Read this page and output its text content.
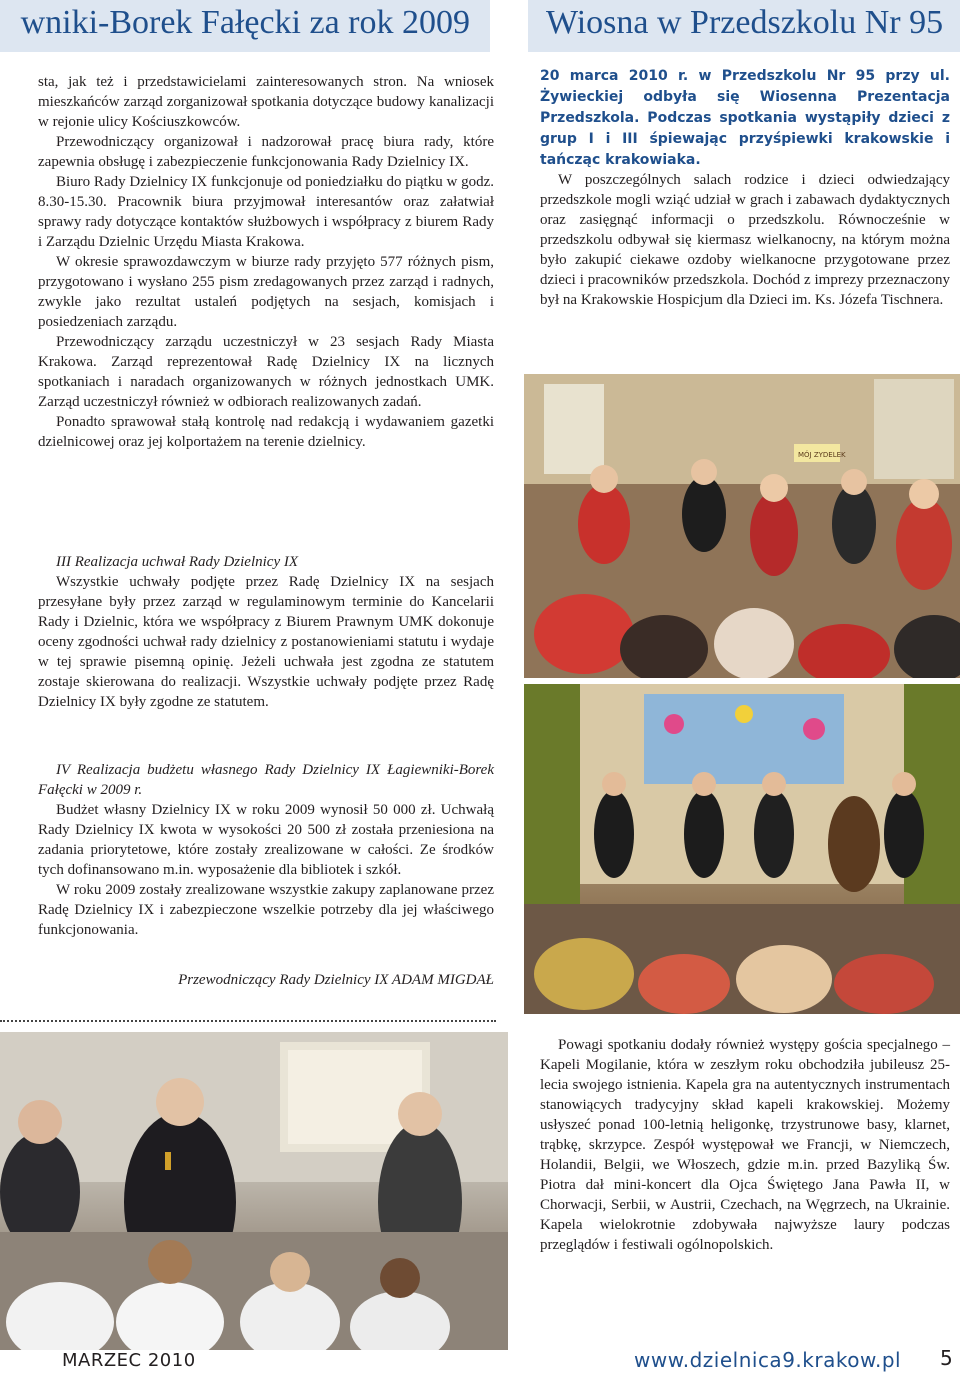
wniki-Borek Fałęcki za rok 2009 Wiosna w Przedszkolu Nr 95

sta, jak też i przedstawicielami zainteresowanych stron. Na wniosek mieszkańców zarząd zorganizował spotkania dotyczące budowy kanalizacji w rejonie ulicy Kościuszkowców.

Przewodniczący organizował i nadzorował pracę biura rady, które zapewnia obsługę i zabezpieczenie funkcjonowania Rady Dzielnicy IX.

Biuro Rady Dzielnicy IX funkcjonuje od poniedziałku do piątku w godz. 8.30-15.30. Pracownik biura przyjmował interesantów oraz załatwiał sprawy rady dotyczące kontaktów służbowych i współpracy z biurem Rady i Zarządu Dzielnic Urzędu Miasta Krakowa.

W okresie sprawozdawczym w biurze rady przyjęto 577 różnych pism, przygotowano i wysłano 255 pism zredagowanych przez zarząd i radnych, zwykle jako rezultat ustaleń podjętych na sesjach, komisjach i posiedzeniach zarządu.

Przewodniczący zarządu uczestniczył w 23 sesjach Rady Miasta Krakowa. Zarząd reprezentował Radę Dzielnicy IX na licznych spotkaniach i naradach organizowanych w różnych jednostkach UMK. Zarząd uczestniczył również w odbiorach realizowanych zadań.

Ponadto sprawował stałą kontrolę nad redakcją i wydawaniem gazetki dzielnicowej oraz jej kolportażem na terenie dzielnicy.

III Realizacja uchwał Rady Dzielnicy IX

Wszystkie uchwały podjęte przez Radę Dzielnicy IX na sesjach przesyłane były przez zarząd w regulaminowym terminie do Kancelarii Rady i Dzielnic, która we współpracy z Biurem Prawnym UMK dokonuje oceny zgodności uchwał rady dzielnicy z postanowieniami statutu i wydaje w tej sprawie pisemną opinię. Jeżeli uchwała jest zgodna ze statutem zostaje skierowana do realizacji. Wszystkie uchwały podjęte przez Radę Dzielnicy IX były zgodne ze statutem.

IV Realizacja budżetu własnego Rady Dzielnicy IX Łagiewniki-Borek Fałęcki w 2009 r.

Budżet własny Dzielnicy IX w roku 2009 wynosił 50 000 zł. Uchwałą Rady Dzielnicy IX kwota w wysokości 20 500 zł została przeniesiona na zadania priorytetowe, które zostały zrealizowane w całości. Ze środków tych dofinansowano m.in. wyposażenie dla bibliotek i szkół.

W roku 2009 zostały zrealizowane wszystkie zakupy zaplanowane przez Radę Dzielnicy IX i zabezpieczone wszelkie potrzeby dla jej właściwego funkcjonowania.

Przewodniczący Rady Dzielnicy IX ADAM MIGDAŁ
20 marca 2010 r. w Przedszkolu Nr 95 przy ul. Żywieckiej odbyła się Wiosenna Prezentacja Przedszkola. Podczas spotkania wystąpiły dzieci z grup I i III śpiewając przyśpiewki krakowskie i tańcząc krakowiaka.

W poszczególnych salach rodzice i dzieci odwiedzający przedszkole mogli wziąć udział w grach i zabawach dydaktycznych oraz zasięgnąć informacji o przedszkolu. Równocześnie w przedszkolu odbywał się kiermasz wielkanocny, na którym można było zakupić ciekawe ozdoby wielkanocne przygotowane przez dzieci i pracowników przedszkola. Dochód z imprezy przeznaczony był na Krakowskie Hospicjum dla Dzieci im. Ks. Józefa Tischnera.

MÓJ ZYDELEK

Powagi spotkaniu dodały również występy gościa specjalnego – Kapeli Mogilanie, która w zeszłym roku obchodziła jubileusz 25-lecia swojego istnienia. Kapela gra na autentycznych instrumentach stanowiących tradycyjny skład kapeli krakowskiej. Możemy usłyszeć ponad 100-letnią heligonkę, trzystrunowe basy, klarnet, trąbkę, skrzypce. Zespół występował we Francji, w Niemczech, Holandii, Belgii, we Włoszech, gdzie m.in. przed Bazyliką Św. Piotra dał mini-koncert dla Ojca Świętego Jana Pawła II, w Chorwacji, Serbii, w Austrii, Czechach, na Węgrzech, na Ukrainie. Kapela wielokrotnie zdobywała najwyższe laury podczas przeglądów i festiwali ogólnopolskich.

MARZEC 2010	www.dzielnica9.krakow.pl 5
